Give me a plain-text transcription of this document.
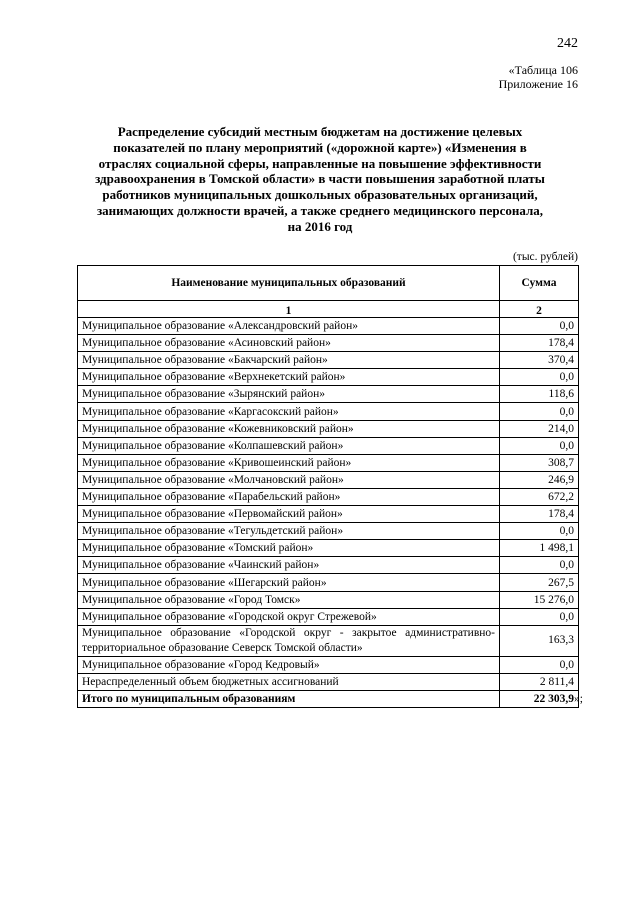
242
«Таблица 106
Приложение 16
Распределение субсидий местным бюджетам на достижение целевых
показателей по плану мероприятий («дорожной карте») «Изменения в
отраслях социальной сферы, направленные на повышение эффективности
здравоохранения в Томской области» в части повышения заработной платы
работников муниципальных дошкольных образовательных организаций,
занимающих должности врачей, а также среднего медицинского персонала,
на 2016 год
(тыс. рублей)
Наименование муниципальных образований	Сумма
1	2
Муниципальное образование «Александровский район»	0,0
Муниципальное образование «Асиновский район»	178,4
Муниципальное образование «Бакчарский район»	370,4
Муниципальное образование «Верхнекетский район»	0,0
Муниципальное образование «Зырянский район»	118,6
Муниципальное образование «Каргасокский район»	0,0
Муниципальное образование «Кожевниковский район»	214,0
Муниципальное образование «Колпашевский район»	0,0
Муниципальное образование «Кривошеинский район»	308,7
Муниципальное образование «Молчановский район»	246,9
Муниципальное образование «Парабельский район»	672,2
Муниципальное образование «Первомайский район»	178,4
Муниципальное образование «Тегульдетский район»	0,0
Муниципальное образование «Томский район»	1 498,1
Муниципальное образование «Чаинский район»	0,0
Муниципальное образование «Шегарский район»	267,5
Муниципальное образование «Город Томск»	15 276,0
Муниципальное образование «Городской округ Стрежевой»	0,0
Муниципальное образование «Городской округ - закрытое административно-территориальное образование Северск Томской области»	163,3
Муниципальное образование «Город Кедровый»	0,0
Нераспределенный объем бюджетных ассигнований	2 811,4
Итого по муниципальным образованиям	22 303,9 »;
